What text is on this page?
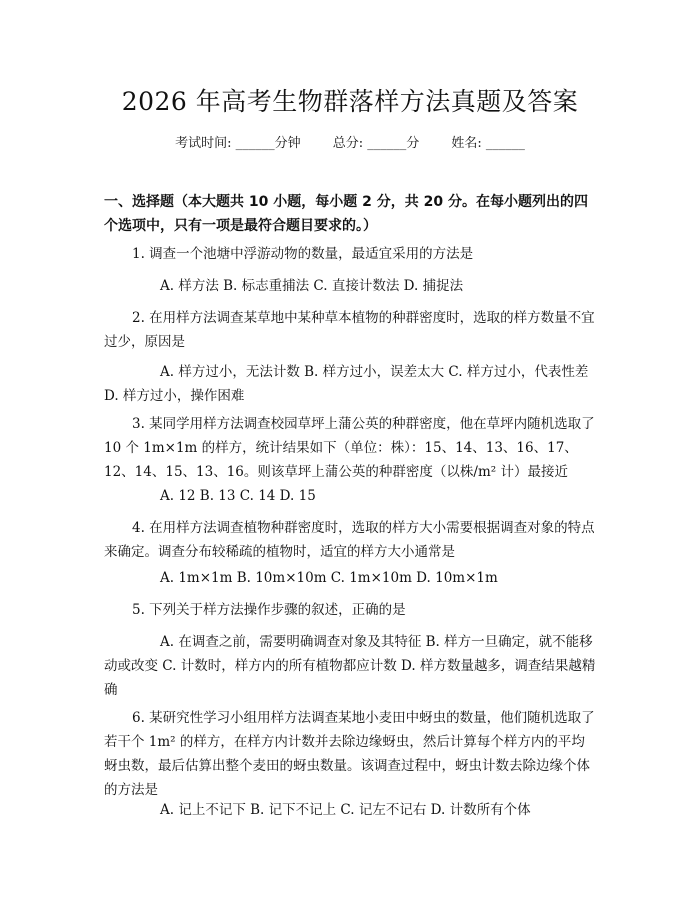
2026 年高考生物群落样方法真题及答案
考试时间: ______分钟 总分: ______分 姓名: ______
一、选择题（本大题共 10 小题，每小题 2 分，共 20 分。在每小题列出的四个选项中，只有一项是最符合题目要求的。）
1. 调查一个池塘中浮游动物的数量，最适宜采用的方法是
A. 样方法 B. 标志重捕法 C. 直接计数法 D. 捕捉法
2. 在用样方法调查某草地中某种草本植物的种群密度时，选取的样方数量不宜过少，原因是
A. 样方过小，无法计数 B. 样方过小，误差太大 C. 样方过小，代表性差 D. 样方过小，操作困难
3. 某同学用样方法调查校园草坪上蒲公英的种群密度，他在草坪内随机选取了 10 个 1m×1m 的样方，统计结果如下（单位：株）：15、14、13、16、17、12、14、15、13、16。则该草坪上蒲公英的种群密度（以株/m² 计）最接近
A. 12 B. 13 C. 14 D. 15
4. 在用样方法调查植物种群密度时，选取的样方大小需要根据调查对象的特点来确定。调查分布较稀疏的植物时，适宜的样方大小通常是
A. 1m×1m B. 10m×10m C. 1m×10m D. 10m×1m
5. 下列关于样方法操作步骤的叙述，正确的是
A. 在调查之前，需要明确调查对象及其特征 B. 样方一旦确定，就不能移动或改变 C. 计数时，样方内的所有植物都应计数 D. 样方数量越多，调查结果越精确
6. 某研究性学习小组用样方法调查某地小麦田中蚜虫的数量，他们随机选取了若干个 1m² 的样方，在样方内计数并去除边缘蚜虫，然后计算每个样方内的平均蚜虫数，最后估算出整个麦田的蚜虫数量。该调查过程中，蚜虫计数去除边缘个体的方法是
A. 记上不记下 B. 记下不记上 C. 记左不记右 D. 计数所有个体
